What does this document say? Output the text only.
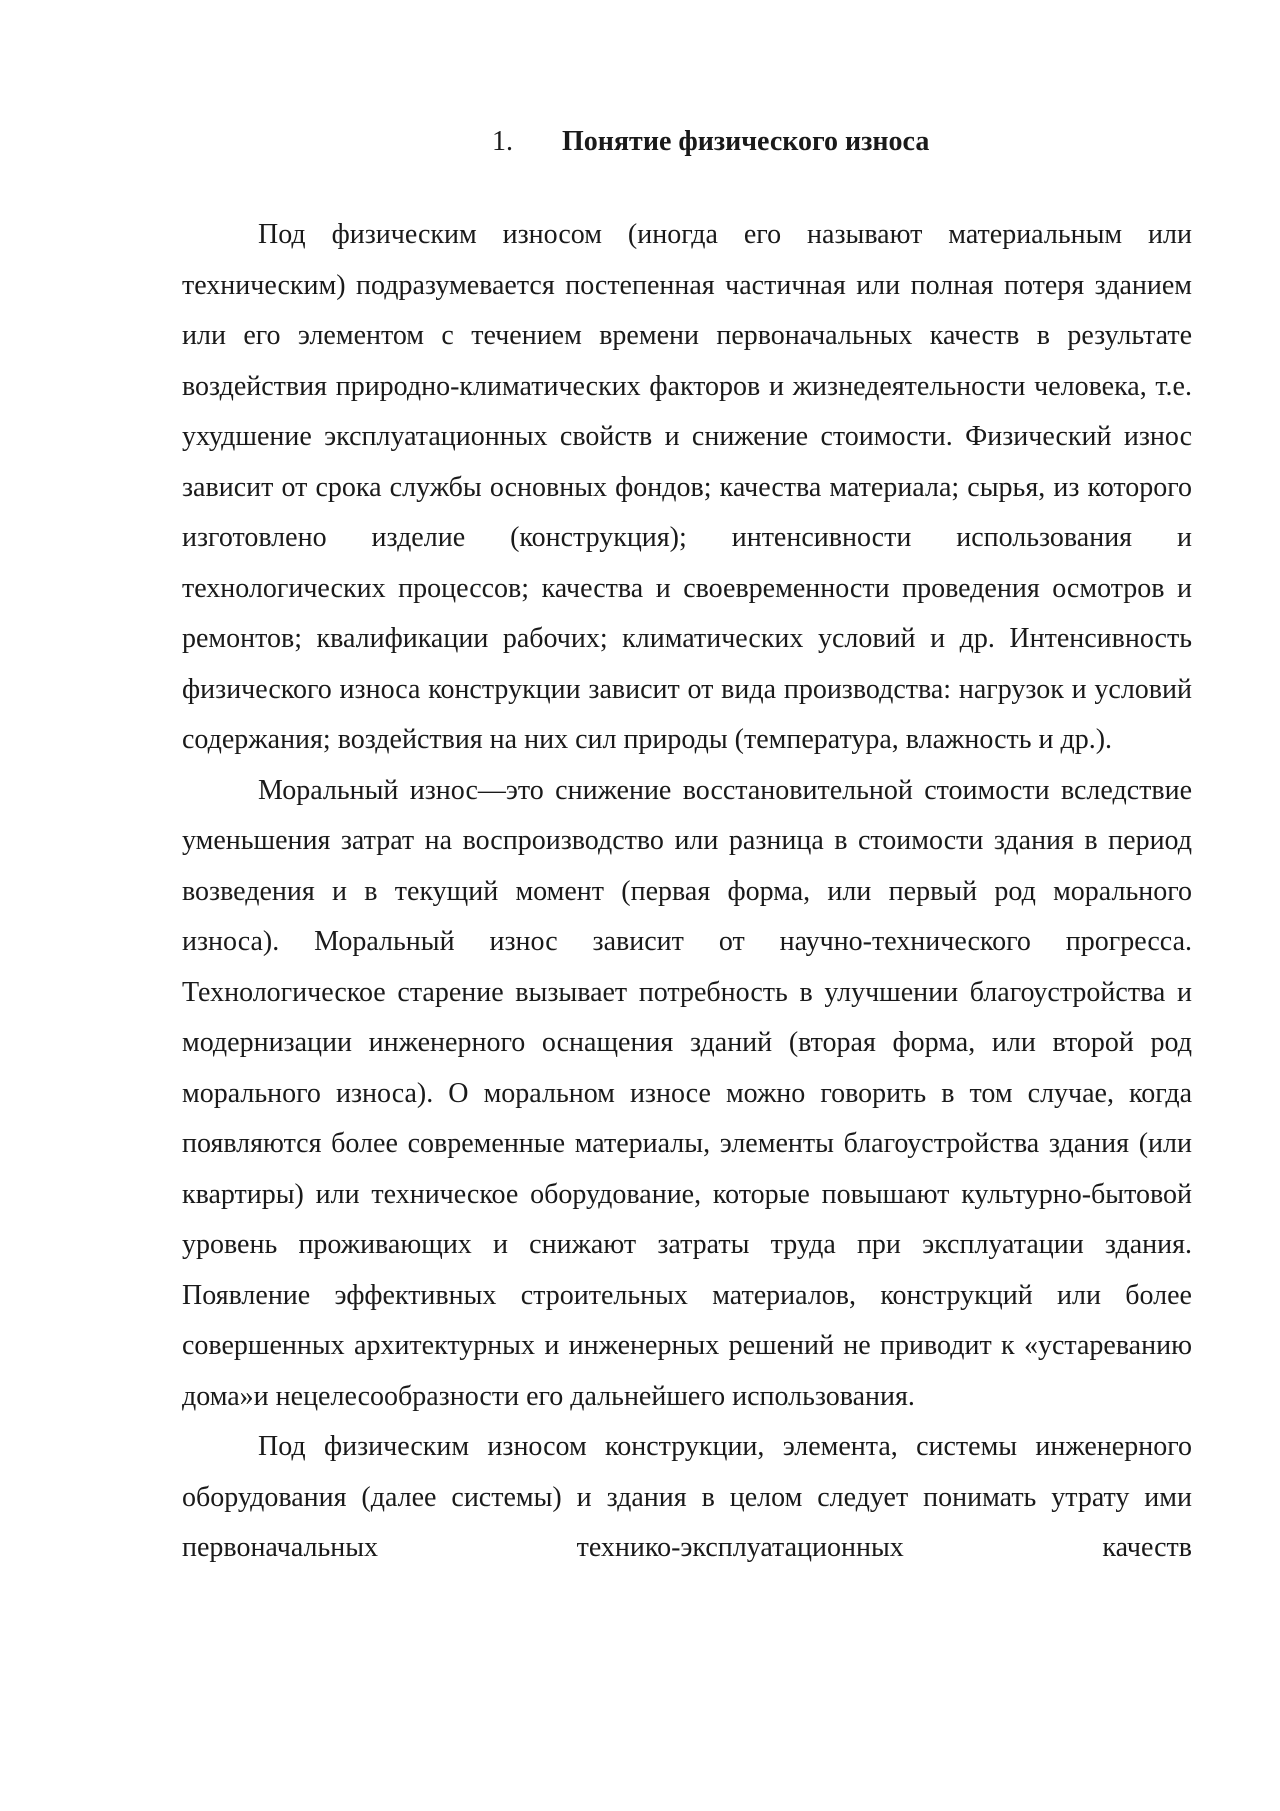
1. Понятие физического износа

Под физическим износом (иногда его называют материальным или техническим) подразумевается постепенная частичная или полная потеря зданием или его элементом с течением времени первоначальных качеств в результате воздействия природно-климатических факторов и жизнедеятельности человека, т.е. ухудшение эксплуатационных свойств и снижение стоимости. Физический износ зависит от срока службы основных фондов; качества материала; сырья, из которого изготовлено изделие (конструкция); интенсивности использования и технологических процессов; качества и своевременности проведения осмотров и ремонтов; квалификации рабочих; климатических условий и др. Интенсивность физического износа конструкции зависит от вида производства: нагрузок и условий содержания; воздействия на них сил природы (температура, влажность и др.).

Моральный износ—это снижение восстановительной стоимости вследствие уменьшения затрат на воспроизводство или разница в стоимости здания в период возведения и в текущий момент (первая форма, или первый род морального износа). Моральный износ зависит от научно-технического прогресса. Технологическое старение вызывает потребность в улучшении благоустройства и модернизации инженерного оснащения зданий (вторая форма, или второй род морального износа). О моральном износе можно говорить в том случае, когда появляются более современные материалы, элементы благоустройства здания (или квартиры) или техническое оборудование, которые повышают культурно-бытовой уровень проживающих и снижают затраты труда при эксплуатации здания. Появление эффективных строительных материалов, конструкций или более совершенных архитектурных и инженерных решений не приводит к «устареванию дома»и нецелесообразности его дальнейшего использования.

Под физическим износом конструкции, элемента, системы инженерного оборудования (далее системы) и здания в целом следует понимать утрату ими первоначальных технико-эксплуатационных качеств
